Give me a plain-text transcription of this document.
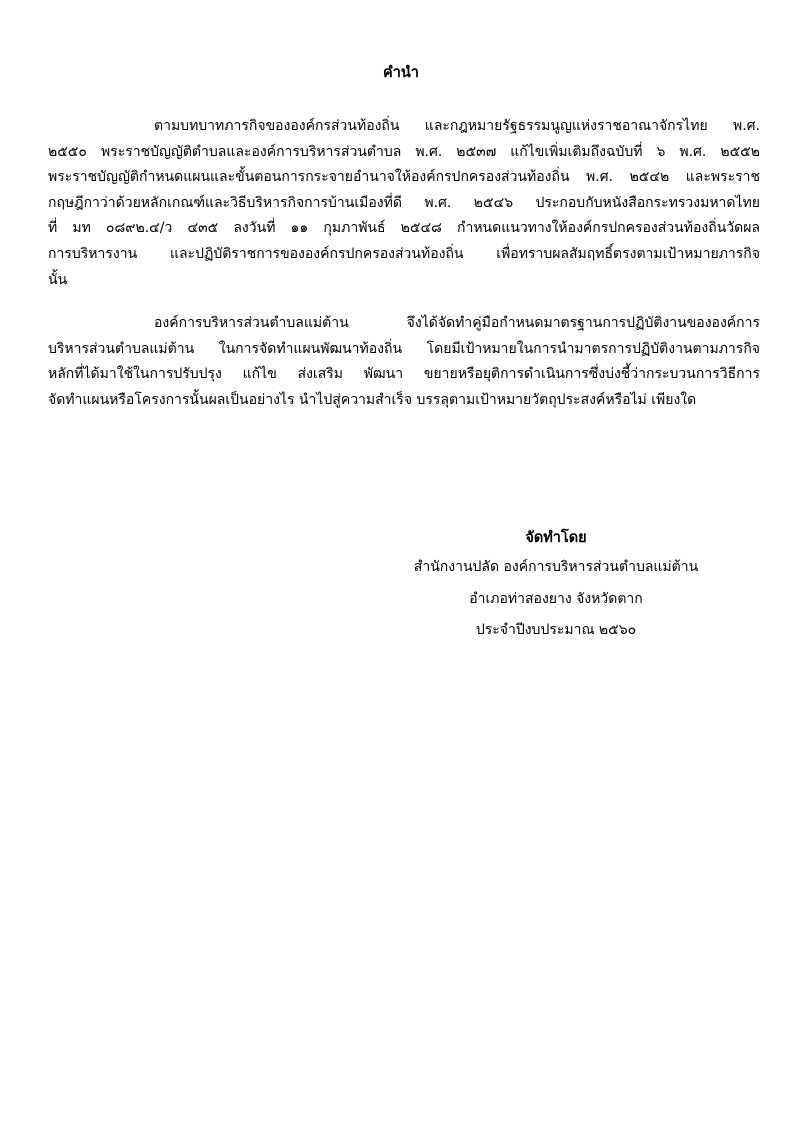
คำนำ
ตามบทบาทภารกิจขององค์กรส่วนท้องถิ่น และกฎหมายรัฐธรรมนูญแห่งราชอาณาจักรไทย พ.ศ.
๒๕๕๐ พระราชบัญญัติตำบลและองค์การบริหารส่วนตำบล พ.ศ. ๒๕๓๗ แก้ไขเพิ่มเติมถึงฉบับที่ ๖ พ.ศ. ๒๕๕๒
พระราชบัญญัติกำหนดแผนและขั้นตอนการกระจายอำนาจให้องค์กรปกครองส่วนท้องถิ่น พ.ศ. ๒๕๔๒ และพระราช
กฤษฎีกาว่าด้วยหลักเกณฑ์และวิธีบริหารกิจการบ้านเมืองที่ดี พ.ศ. ๒๕๔๖ ประกอบกับหนังสือกระทรวงมหาดไทย
ที่ มท ๐๘๙๒.๔/ว ๔๓๕ ลงวันที่ ๑๑ กุมภาพันธ์ ๒๕๔๘ กำหนดแนวทางให้องค์กรปกครองส่วนท้องถิ่นวัดผล
การบริหารงาน และปฏิบัติราชการขององค์กรปกครองส่วนท้องถิ่น เพื่อทราบผลสัมฤทธิ์ตรงตามเป้าหมายภารกิจ
นั้น
องค์การบริหารส่วนตำบลแม่ต้าน จึงได้จัดทำคู่มือกำหนดมาตรฐานการปฏิบัติงานขององค์การ
บริหารส่วนตำบลแม่ต้าน ในการจัดทำแผนพัฒนาท้องถิ่น โดยมีเป้าหมายในการนำมาตรการปฏิบัติงานตามภารกิจ
หลักที่ได้มาใช้ในการปรับปรุง แก้ไข ส่งเสริม พัฒนา ขยายหรือยุติการดำเนินการซึ่งบ่งชี้ว่ากระบวนการวิธีการ
จัดทำแผนหรือโครงการนั้นผลเป็นอย่างไร นำไปสู่ความสำเร็จ บรรลุตามเป้าหมายวัตถุประสงค์หรือไม่ เพียงใด
จัดทำโดย
สำนักงานปลัด องค์การบริหารส่วนตำบลแม่ต้าน
อำเภอท่าสองยาง จังหวัดตาก
ประจำปีงบประมาณ ๒๕๖๐
